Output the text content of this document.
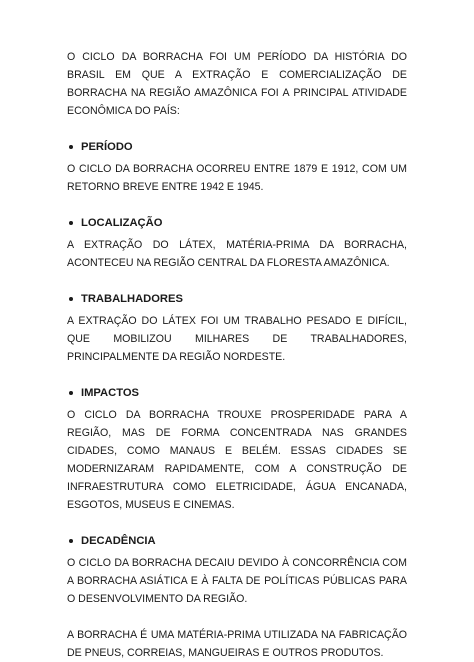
O CICLO DA BORRACHA FOI UM PERÍODO DA HISTÓRIA DO BRASIL EM QUE A EXTRAÇÃO E COMERCIALIZAÇÃO DE BORRACHA NA REGIÃO AMAZÔNICA FOI A PRINCIPAL ATIVIDADE ECONÔMICA DO PAÍS:

PERÍODO

O CICLO DA BORRACHA OCORREU ENTRE 1879 E 1912, COM UM RETORNO BREVE ENTRE 1942 E 1945.

LOCALIZAÇÃO

A EXTRAÇÃO DO LÁTEX, MATÉRIA-PRIMA DA BORRACHA, ACONTECEU NA REGIÃO CENTRAL DA FLORESTA AMAZÔNICA.

TRABALHADORES

A EXTRAÇÃO DO LÁTEX FOI UM TRABALHO PESADO E DIFÍCIL, QUE MOBILIZOU MILHARES DE TRABALHADORES, PRINCIPALMENTE DA REGIÃO NORDESTE.

IMPACTOS

O CICLO DA BORRACHA TROUXE PROSPERIDADE PARA A REGIÃO, MAS DE FORMA CONCENTRADA NAS GRANDES CIDADES, COMO MANAUS E BELÉM. ESSAS CIDADES SE MODERNIZARAM RAPIDAMENTE, COM A CONSTRUÇÃO DE INFRAESTRUTURA COMO ELETRICIDADE, ÁGUA ENCANADA, ESGOTOS, MUSEUS E CINEMAS.

DECADÊNCIA

O CICLO DA BORRACHA DECAIU DEVIDO À CONCORRÊNCIA COM A BORRACHA ASIÁTICA E À FALTA DE POLÍTICAS PÚBLICAS PARA O DESENVOLVIMENTO DA REGIÃO.

A BORRACHA É UMA MATÉRIA-PRIMA UTILIZADA NA FABRICAÇÃO DE PNEUS, CORREIAS, MANGUEIRAS E OUTROS PRODUTOS.
